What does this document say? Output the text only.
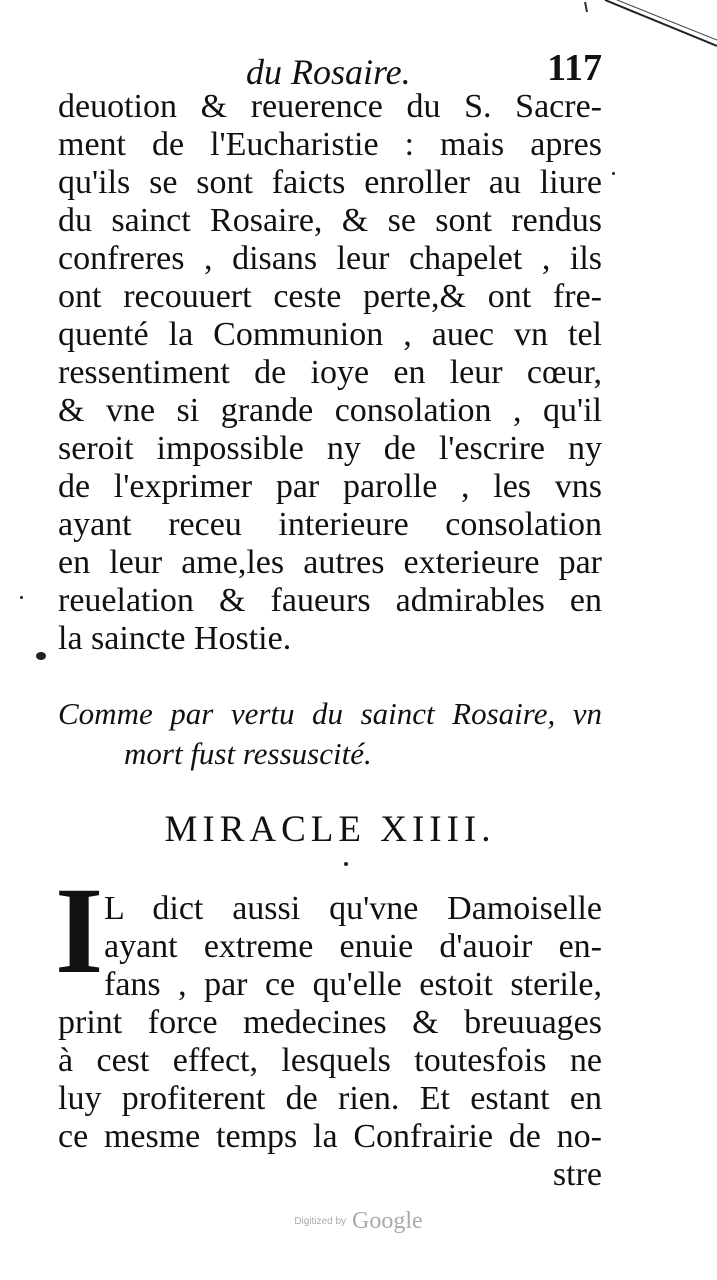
du Rosaire.	117
deuotion & reuerence du S. Sacre-
ment de l'Eucharistie : mais apres
qu'ils se sont faicts enroller au liure
du sainct Rosaire, & se sont rendus
confreres , disans leur chapelet , ils
ont recouuert ceste perte,& ont fre-
quenté la Communion , auec vn tel
ressentiment de ioye en leur cœur,
& vne si grande consolation , qu'il
seroit impossible ny de l'escrire ny
de l'exprimer par parolle , les vns
ayant receu interieure consolation
en leur ame,les autres exterieure par
reuelation & faueurs admirables en
la saincte Hostie.
Comme par vertu du sainct Rosaire, vn
mort fust ressuscité.
MIRACLE XIIII.
I L dict aussi qu'vne Damoiselle
ayant extreme enuie d'auoir en-
fans , par ce qu'elle estoit sterile,
print force medecines & breuuages
à cest effect, lesquels toutesfois ne
luy profiterent de rien. Et estant en
ce mesme temps la Confrairie de no-
stre
Digitized by Google
